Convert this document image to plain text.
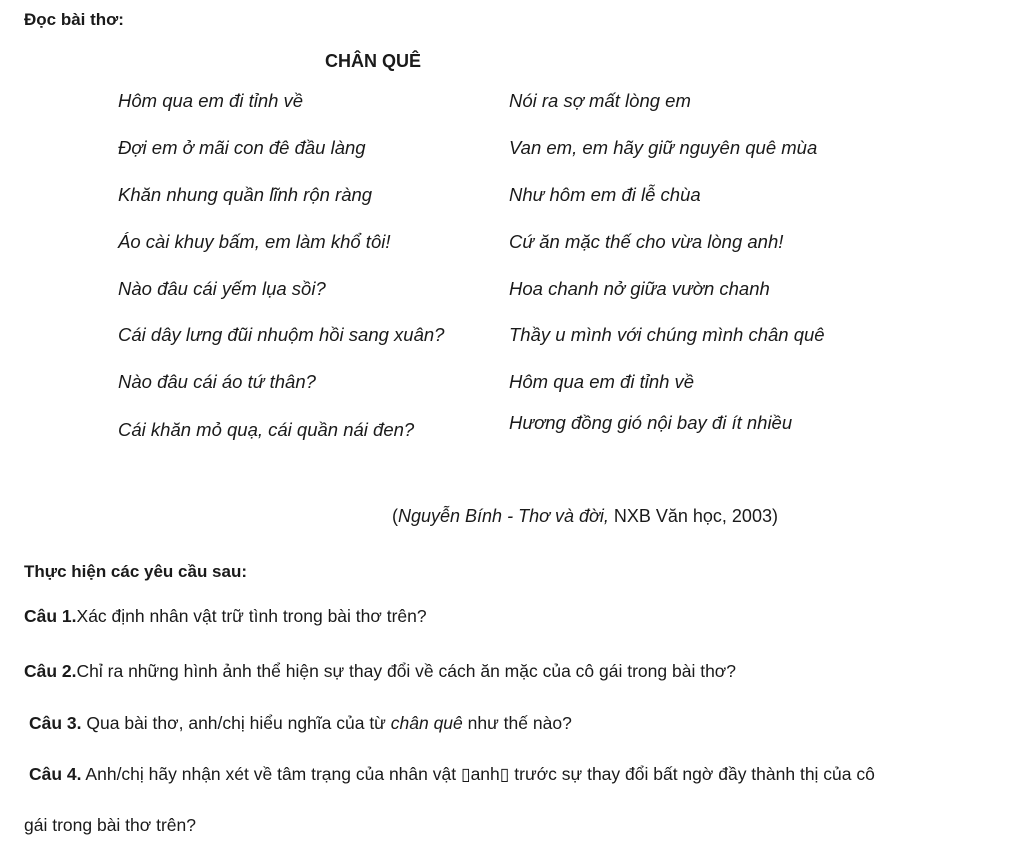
Đọc bài thơ:
CHÂN QUÊ
Hôm qua em đi tỉnh về
Đợi em ở mãi con đê đầu làng
Khăn nhung quần lĩnh rộn ràng
Áo cài khuy bấm, em làm khổ tôi!
Nào đâu cái yếm lụa sồi?
Cái dây lưng đũi nhuộm hồi sang xuân?
Nào đâu cái áo tứ thân?
Cái khăn mỏ quạ, cái quần nái đen?
Nói ra sợ mất lòng em
Van em, em hãy giữ nguyên quê mùa
Như hôm em đi lễ chùa
Cứ ăn mặc thế cho vừa lòng anh!
Hoa chanh nở giữa vườn chanh
Thầy u mình với chúng mình chân quê
Hôm qua em đi tỉnh về
Hương đồng gió nội bay đi ít nhiều
(Nguyễn Bính - Thơ và đời, NXB Văn học, 2003)
Thực hiện các yêu cầu sau:
Câu 1.Xác định nhân vật trữ tình trong bài thơ trên?
Câu 2.Chỉ ra những hình ảnh thể hiện sự thay đổi về cách ăn mặc của cô gái trong bài thơ?
Câu 3. Qua bài thơ, anh/chị hiểu nghĩa của từ chân quê như thế nào?
Câu 4. Anh/chị hãy nhận xét về tâm trạng của nhân vật ▯anh▯ trước sự thay đổi bất ngờ đầy thành thị của cô
gái trong bài thơ trên?
